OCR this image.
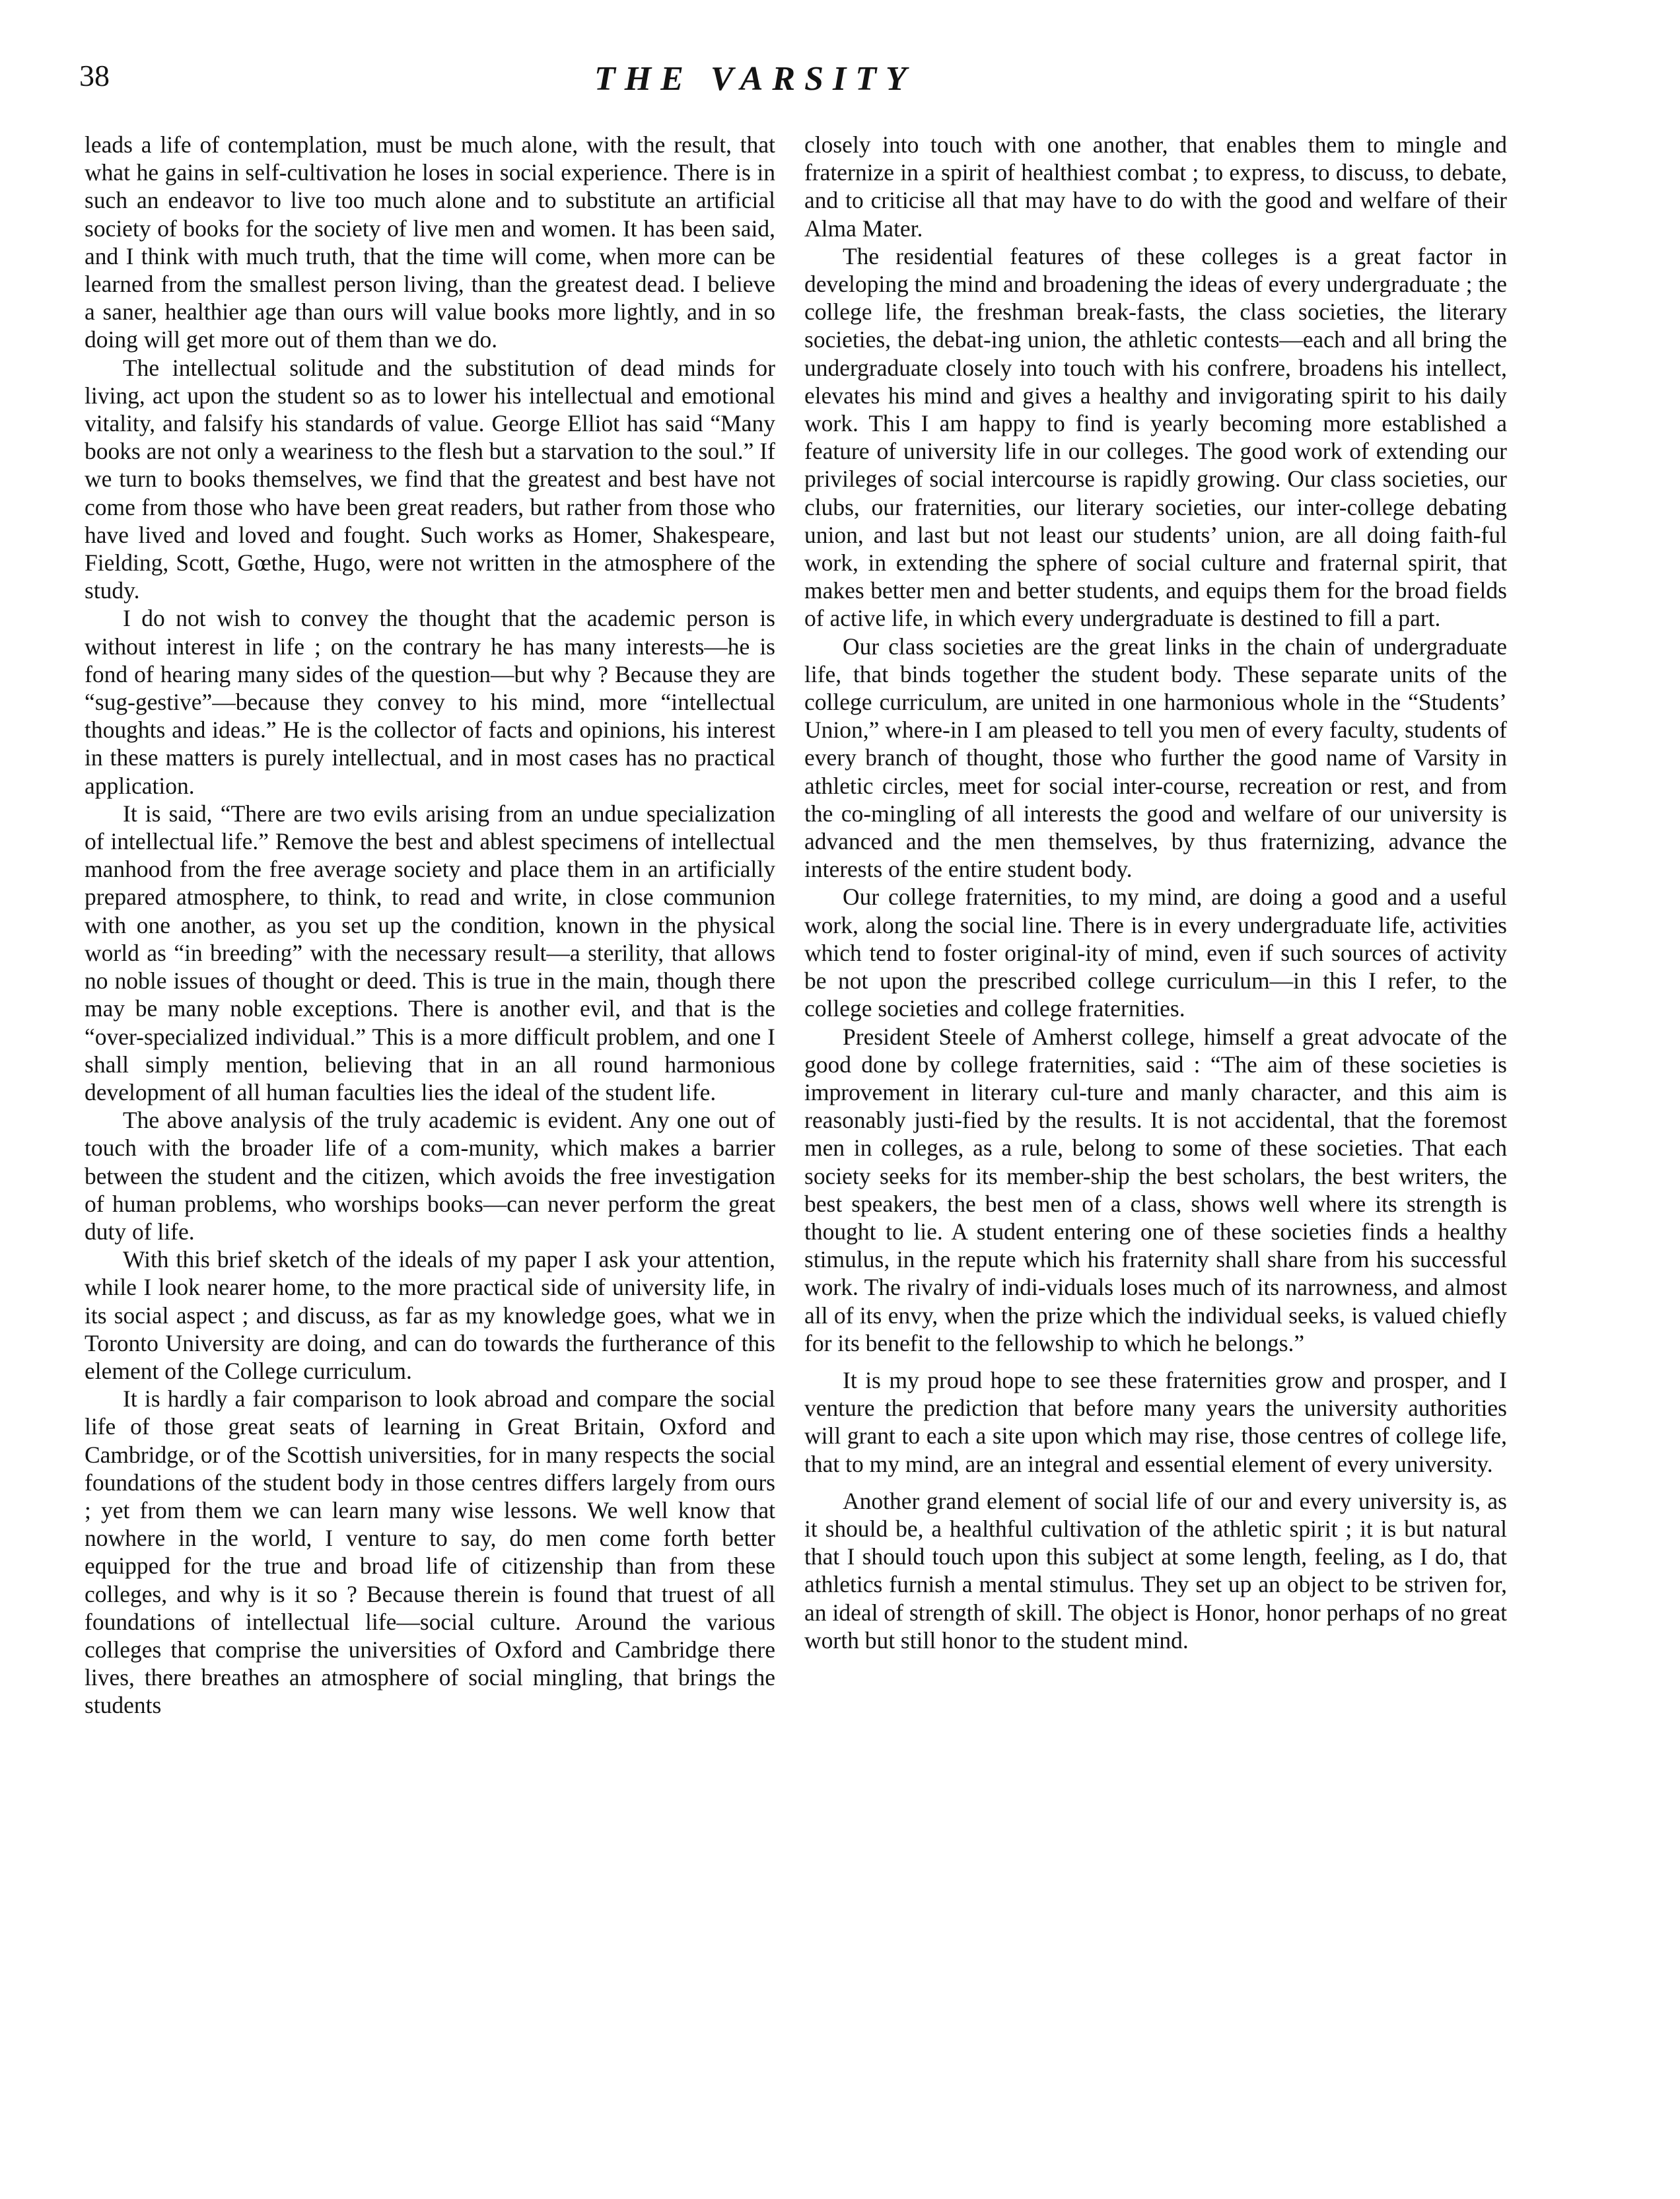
38	THE VARSITY

leads a life of contemplation, must be much alone, with the result, that what he gains in self-cultivation he loses in social experience. There is in such an endeavor to live too much alone and to substitute an artificial society of books for the society of live men and women. It has been said, and I think with much truth, that the time will come, when more can be learned from the smallest person living, than the greatest dead. I believe a saner, healthier age than ours will value books more lightly, and in so doing will get more out of them than we do.

The intellectual solitude and the substitution of dead minds for living, act upon the student so as to lower his intellectual and emotional vitality, and falsify his standards of value. George Elliot has said “Many books are not only a weariness to the flesh but a starvation to the soul.” If we turn to books themselves, we find that the greatest and best have not come from those who have been great readers, but rather from those who have lived and loved and fought. Such works as Homer, Shakespeare, Fielding, Scott, Gœthe, Hugo, were not written in the atmosphere of the study.

I do not wish to convey the thought that the academic person is without interest in life ; on the contrary he has many interests—he is fond of hearing many sides of the question—but why ? Because they are “sug-gestive”—because they convey to his mind, more “intellectual thoughts and ideas.” He is the collector of facts and opinions, his interest in these matters is purely intellectual, and in most cases has no practical application.

It is said, “There are two evils arising from an undue specialization of intellectual life.” Remove the best and ablest specimens of intellectual manhood from the free average society and place them in an artificially prepared atmosphere, to think, to read and write, in close communion with one another, as you set up the condition, known in the physical world as “in breeding” with the necessary result—a sterility, that allows no noble issues of thought or deed. This is true in the main, though there may be many noble exceptions. There is another evil, and that is the “over-specialized individual.” This is a more difficult problem, and one I shall simply mention, believing that in an all round harmonious development of all human faculties lies the ideal of the student life.

The above analysis of the truly academic is evident. Any one out of touch with the broader life of a com-munity, which makes a barrier between the student and the citizen, which avoids the free investigation of human problems, who worships books—can never perform the great duty of life.

With this brief sketch of the ideals of my paper I ask your attention, while I look nearer home, to the more practical side of university life, in its social aspect ; and discuss, as far as my knowledge goes, what we in Toronto University are doing, and can do towards the furtherance of this element of the College curriculum.

It is hardly a fair comparison to look abroad and compare the social life of those great seats of learning in Great Britain, Oxford and Cambridge, or of the Scottish universities, for in many respects the social foundations of the student body in those centres differs largely from ours ; yet from them we can learn many wise lessons. We well know that nowhere in the world, I venture to say, do men come forth better equipped for the true and broad life of citizenship than from these colleges, and why is it so ? Because therein is found that truest of all foundations of intellectual life—social culture. Around the various colleges that comprise the universities of Oxford and Cambridge there lives, there breathes an atmosphere of social mingling, that brings the students

closely into touch with one another, that enables them to mingle and fraternize in a spirit of healthiest combat ; to express, to discuss, to debate, and to criticise all that may have to do with the good and welfare of their Alma Mater.

The residential features of these colleges is a great factor in developing the mind and broadening the ideas of every undergraduate ; the college life, the freshman break-fasts, the class societies, the literary societies, the debat-ing union, the athletic contests—each and all bring the undergraduate closely into touch with his confrere, broadens his intellect, elevates his mind and gives a healthy and invigorating spirit to his daily work. This I am happy to find is yearly becoming more established a feature of university life in our colleges. The good work of extending our privileges of social intercourse is rapidly growing. Our class societies, our clubs, our fraternities, our literary societies, our inter-college debating union, and last but not least our students’ union, are all doing faith-ful work, in extending the sphere of social culture and fraternal spirit, that makes better men and better students, and equips them for the broad fields of active life, in which every undergraduate is destined to fill a part.

Our class societies are the great links in the chain of undergraduate life, that binds together the student body. These separate units of the college curriculum, are united in one harmonious whole in the “Students’ Union,” where-in I am pleased to tell you men of every faculty, students of every branch of thought, those who further the good name of Varsity in athletic circles, meet for social inter-course, recreation or rest, and from the co-mingling of all interests the good and welfare of our university is advanced and the men themselves, by thus fraternizing, advance the interests of the entire student body.

Our college fraternities, to my mind, are doing a good and a useful work, along the social line. There is in every undergraduate life, activities which tend to foster original-ity of mind, even if such sources of activity be not upon the prescribed college curriculum—in this I refer, to the college societies and college fraternities.

President Steele of Amherst college, himself a great advocate of the good done by college fraternities, said : “The aim of these societies is improvement in literary cul-ture and manly character, and this aim is reasonably justi-fied by the results. It is not accidental, that the foremost men in colleges, as a rule, belong to some of these societies. That each society seeks for its member-ship the best scholars, the best writers, the best speakers, the best men of a class, shows well where its strength is thought to lie. A student entering one of these societies finds a healthy stimulus, in the repute which his fraternity shall share from his successful work. The rivalry of indi-viduals loses much of its narrowness, and almost all of its envy, when the prize which the individual seeks, is valued chiefly for its benefit to the fellowship to which he belongs.”

It is my proud hope to see these fraternities grow and prosper, and I venture the prediction that before many years the university authorities will grant to each a site upon which may rise, those centres of college life, that to my mind, are an integral and essential element of every university.

Another grand element of social life of our and every university is, as it should be, a healthful cultivation of the athletic spirit ; it is but natural that I should touch upon this subject at some length, feeling, as I do, that athletics furnish a mental stimulus. They set up an object to be striven for, an ideal of strength of skill. The object is Honor, honor perhaps of no great worth but still honor to the student mind.
